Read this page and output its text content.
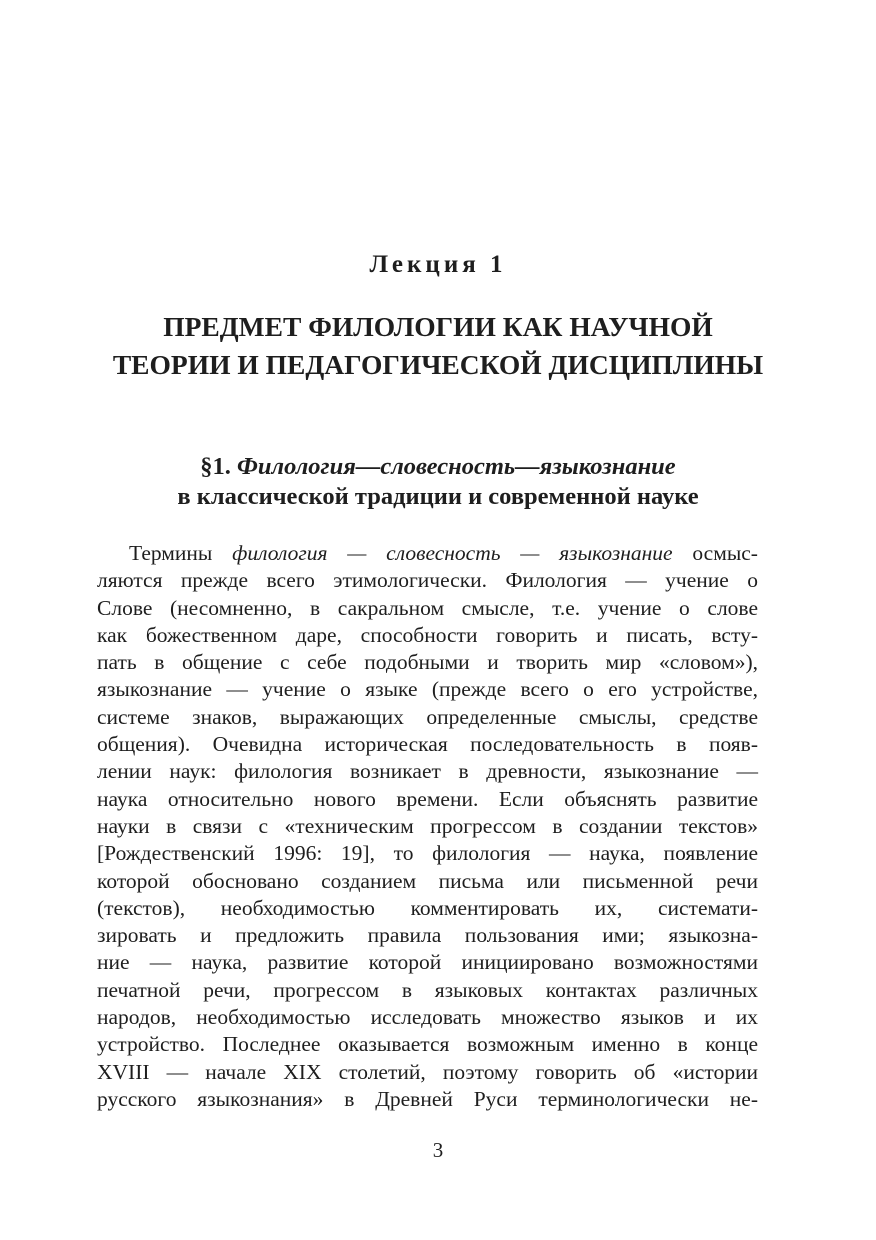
Лекция 1
ПРЕДМЕТ ФИЛОЛОГИИ КАК НАУЧНОЙ
ТЕОРИИ И ПЕДАГОГИЧЕСКОЙ ДИСЦИПЛИНЫ
§1. Филология—словесность—языкознание
в классической традиции и современной науке
Термины филология — словесность — языкознание осмыс-
ляются прежде всего этимологически. Филология — учение о
Слове (несомненно, в сакральном смысле, т.е. учение о слове
как божественном даре, способности говорить и писать, всту-
пать в общение с себе подобными и творить мир «словом»),
языкознание — учение о языке (прежде всего о его устройстве,
системе знаков, выражающих определенные смыслы, средстве
общения). Очевидна историческая последовательность в появ-
лении наук: филология возникает в древности, языкознание —
наука относительно нового времени. Если объяснять развитие
науки в связи с «техническим прогрессом в создании текстов»
[Рождественский 1996: 19], то филология — наука, появление
которой обосновано созданием письма или письменной речи
(текстов), необходимостью комментировать их, системати-
зировать и предложить правила пользования ими; языкозна-
ние — наука, развитие которой инициировано возможностями
печатной речи, прогрессом в языковых контактах различных
народов, необходимостью исследовать множество языков и их
устройство. Последнее оказывается возможным именно в конце
XVIII — начале XIX столетий, поэтому говорить об «истории
русского языкознания» в Древней Руси терминологически не-
3
